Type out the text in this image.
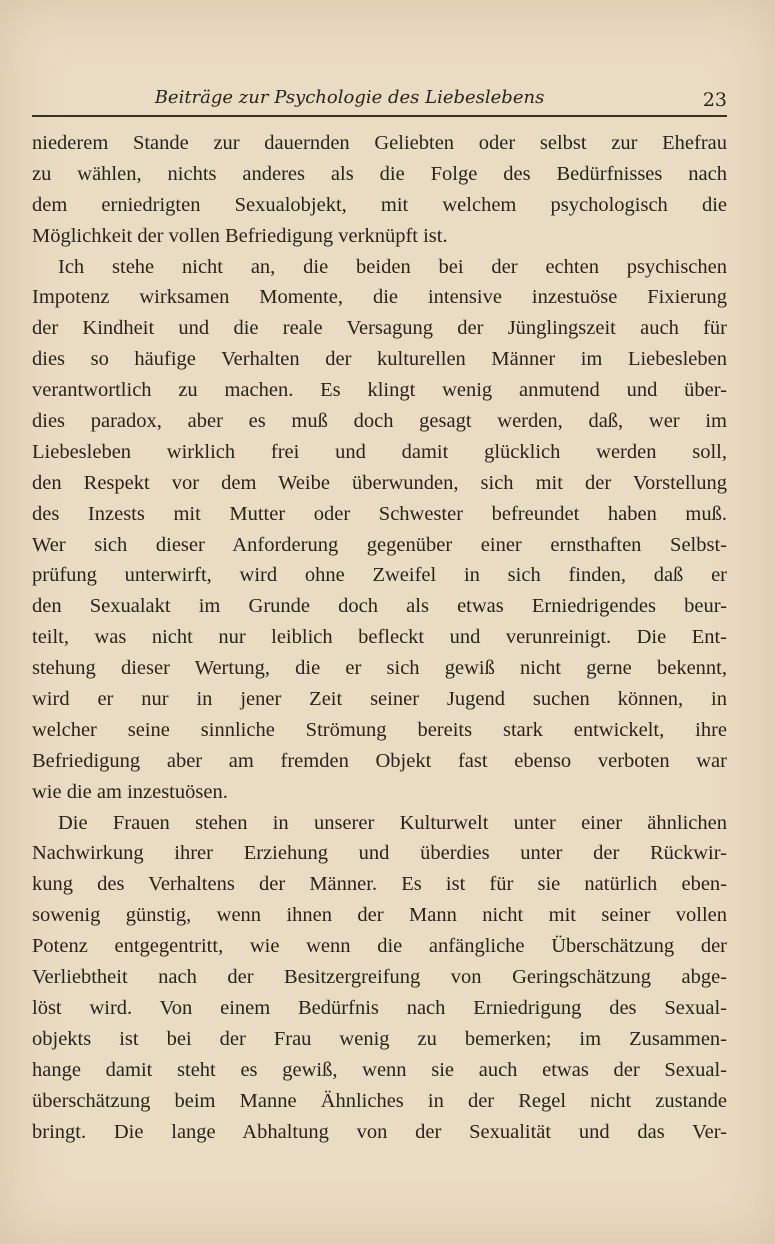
Beiträge zur Psychologie des Liebeslebens	23
niederem Stande zur dauernden Geliebten oder selbst zur Ehefrau
zu wählen, nichts anderes als die Folge des Bedürfnisses nach
dem erniedrigten Sexualobjekt, mit welchem psychologisch die
Möglichkeit der vollen Befriedigung verknüpft ist.
Ich stehe nicht an, die beiden bei der echten psychischen
Impotenz wirksamen Momente, die intensive inzestuöse Fixierung
der Kindheit und die reale Versagung der Jünglingszeit auch für
dies so häufige Verhalten der kulturellen Männer im Liebesleben
verantwortlich zu machen. Es klingt wenig anmutend und über-
dies paradox, aber es muß doch gesagt werden, daß, wer im
Liebesleben wirklich frei und damit glücklich werden soll,
den Respekt vor dem Weibe überwunden, sich mit der Vorstellung
des Inzests mit Mutter oder Schwester befreundet haben muß.
Wer sich dieser Anforderung gegenüber einer ernsthaften Selbst-
prüfung unterwirft, wird ohne Zweifel in sich finden, daß er
den Sexualakt im Grunde doch als etwas Erniedrigendes beur-
teilt, was nicht nur leiblich befleckt und verunreinigt. Die Ent-
stehung dieser Wertung, die er sich gewiß nicht gerne bekennt,
wird er nur in jener Zeit seiner Jugend suchen können, in
welcher seine sinnliche Strömung bereits stark entwickelt, ihre
Befriedigung aber am fremden Objekt fast ebenso verboten war
wie die am inzestuösen.
Die Frauen stehen in unserer Kulturwelt unter einer ähnlichen
Nachwirkung ihrer Erziehung und überdies unter der Rückwir-
kung des Verhaltens der Männer. Es ist für sie natürlich eben-
sowenig günstig, wenn ihnen der Mann nicht mit seiner vollen
Potenz entgegentritt, wie wenn die anfängliche Überschätzung der
Verliebtheit nach der Besitzergreifung von Geringschätzung abge-
löst wird. Von einem Bedürfnis nach Erniedrigung des Sexual-
objekts ist bei der Frau wenig zu bemerken; im Zusammen-
hange damit steht es gewiß, wenn sie auch etwas der Sexual-
überschätzung beim Manne Ähnliches in der Regel nicht zustande
bringt. Die lange Abhaltung von der Sexualität und das Ver-
